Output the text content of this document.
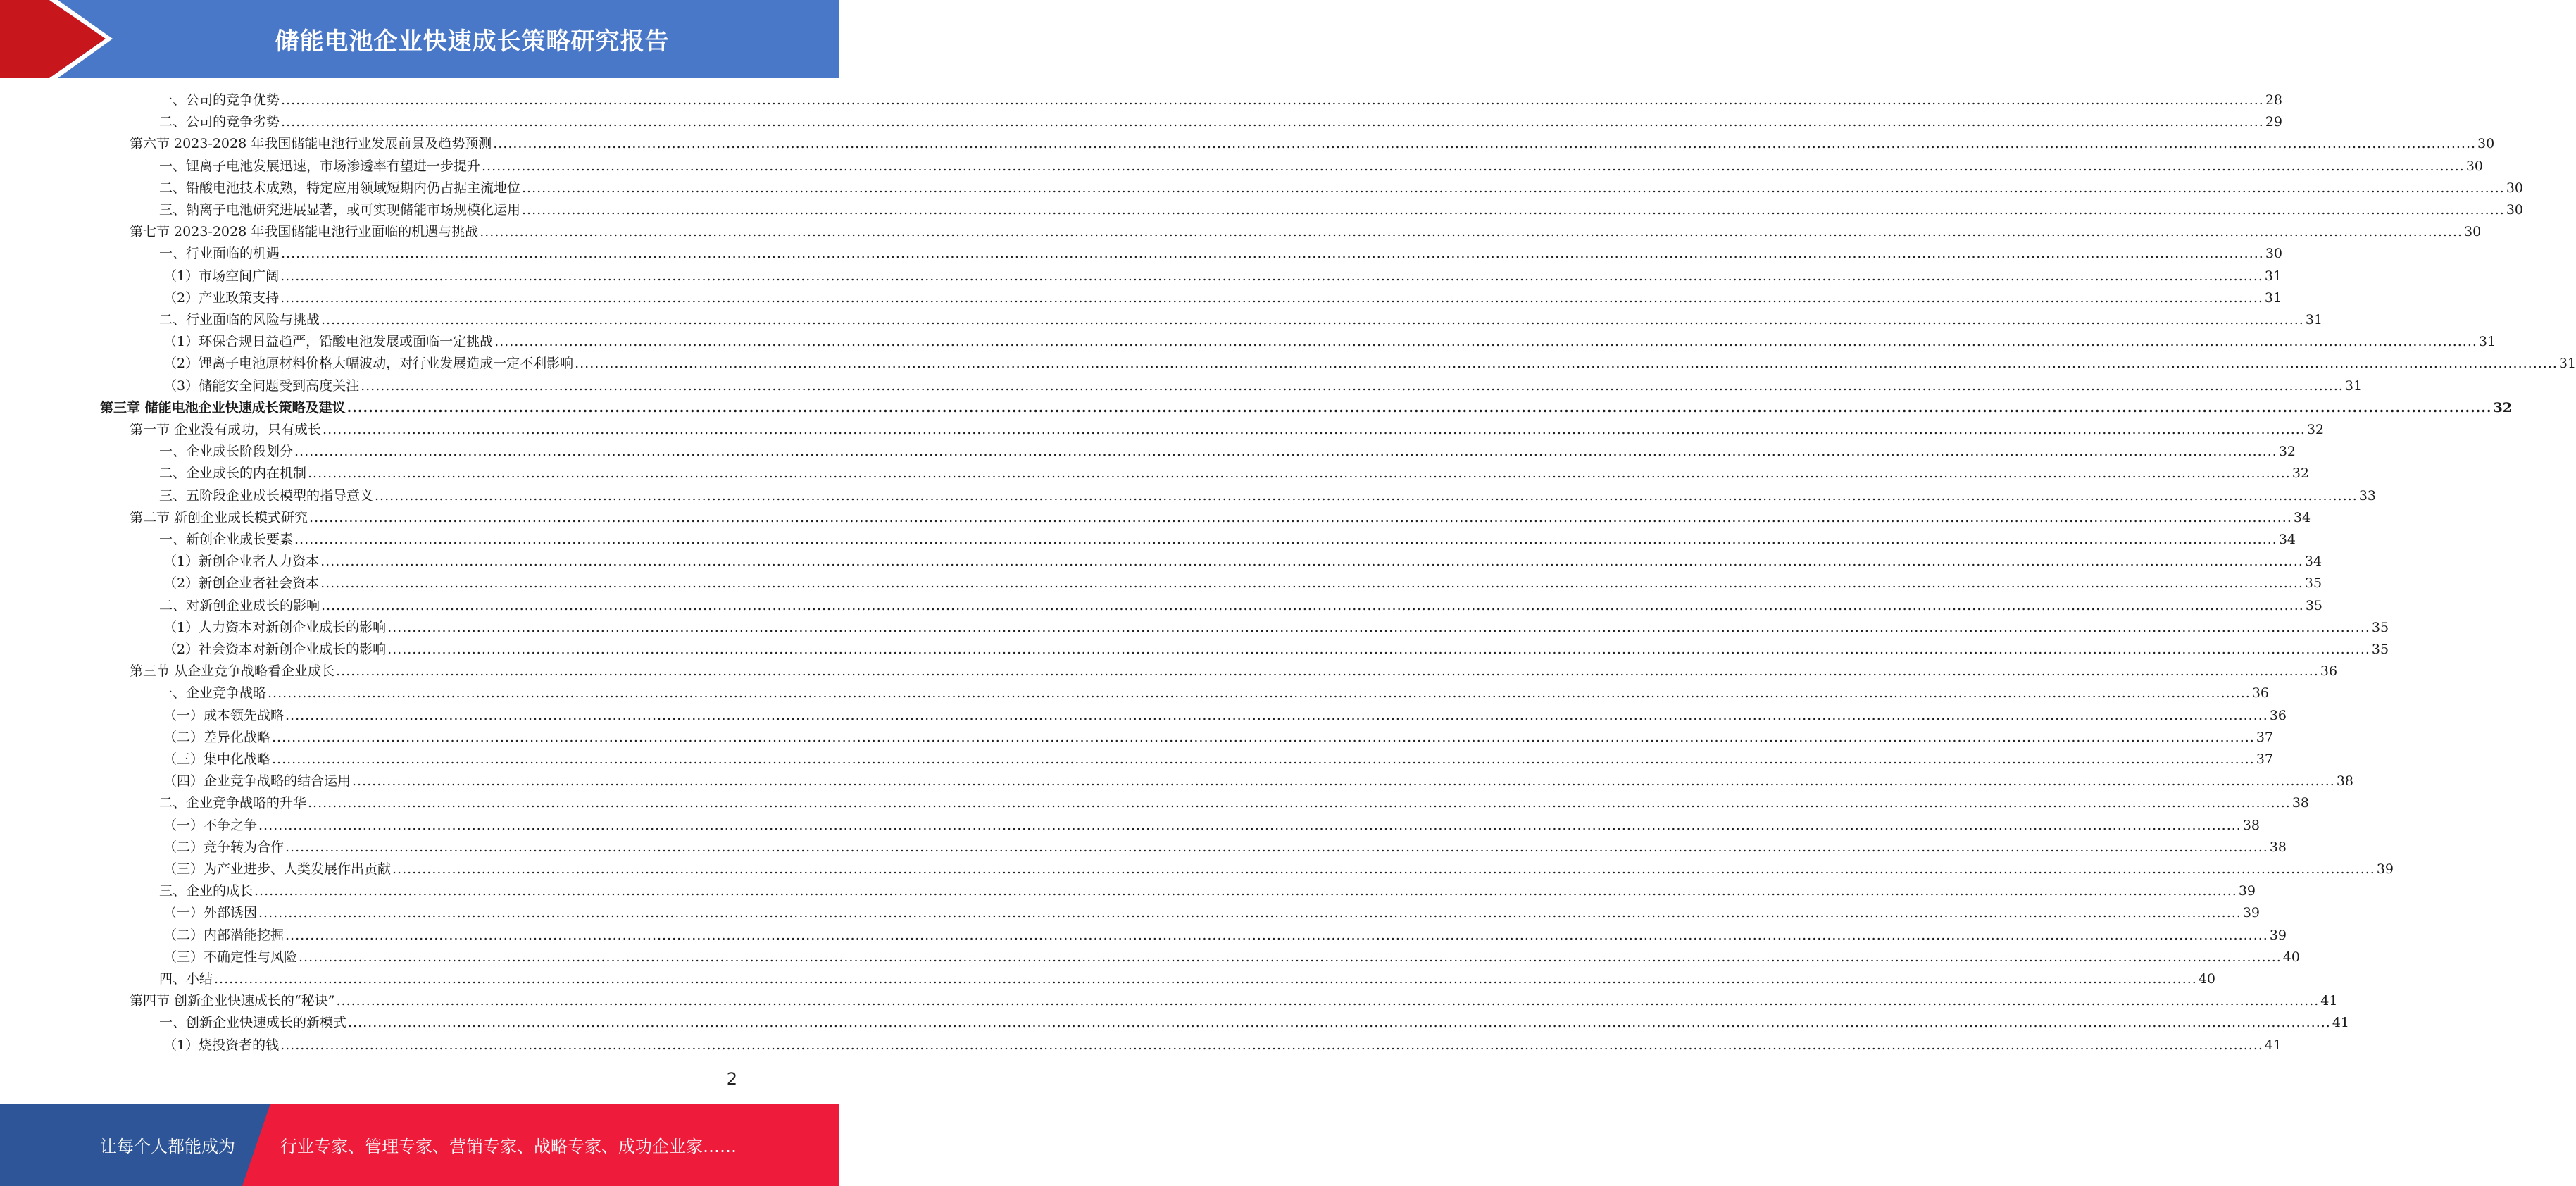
储能电池企业快速成长策略研究报告
一、公司的竞争优势 ................................................................................................................................................................................................................................................................................................................................................................................................................ 28
二、公司的竞争劣势 ................................................................................................................................................................................................................................................................................................................................................................................................................ 29
第六节 2023-2028 年我国储能电池行业发展前景及趋势预测 ................................................................................................................................................................................................................................................................................................................................................................................................................ 30
一、锂离子电池发展迅速，市场渗透率有望进一步提升 ................................................................................................................................................................................................................................................................................................................................................................................................................ 30
二、铅酸电池技术成熟，特定应用领域短期内仍占据主流地位 ................................................................................................................................................................................................................................................................................................................................................................................................................ 30
三、钠离子电池研究进展显著，或可实现储能市场规模化运用 ................................................................................................................................................................................................................................................................................................................................................................................................................ 30
第七节 2023-2028 年我国储能电池行业面临的机遇与挑战 ................................................................................................................................................................................................................................................................................................................................................................................................................ 30
一、行业面临的机遇 ................................................................................................................................................................................................................................................................................................................................................................................................................ 30
（1）市场空间广阔 ................................................................................................................................................................................................................................................................................................................................................................................................................ 31
（2）产业政策支持 ................................................................................................................................................................................................................................................................................................................................................................................................................ 31
二、行业面临的风险与挑战 ................................................................................................................................................................................................................................................................................................................................................................................................................ 31
（1）环保合规日益趋严，铅酸电池发展或面临一定挑战 ................................................................................................................................................................................................................................................................................................................................................................................................................ 31
（2）锂离子电池原材料价格大幅波动，对行业发展造成一定不利影响 ................................................................................................................................................................................................................................................................................................................................................................................................................ 31
（3）储能安全问题受到高度关注 ................................................................................................................................................................................................................................................................................................................................................................................................................ 31
第三章 储能电池企业快速成长策略及建议 ................................................................................................................................................................................................................................................................................................................................................................................................................ 32
第一节 企业没有成功，只有成长 ................................................................................................................................................................................................................................................................................................................................................................................................................ 32
一、企业成长阶段划分 ................................................................................................................................................................................................................................................................................................................................................................................................................ 32
二、企业成长的内在机制 ................................................................................................................................................................................................................................................................................................................................................................................................................ 32
三、五阶段企业成长模型的指导意义 ................................................................................................................................................................................................................................................................................................................................................................................................................ 33
第二节 新创企业成长模式研究 ................................................................................................................................................................................................................................................................................................................................................................................................................ 34
一、新创企业成长要素 ................................................................................................................................................................................................................................................................................................................................................................................................................ 34
（1）新创企业者人力资本 ................................................................................................................................................................................................................................................................................................................................................................................................................ 34
（2）新创企业者社会资本 ................................................................................................................................................................................................................................................................................................................................................................................................................ 35
二、对新创企业成长的影响 ................................................................................................................................................................................................................................................................................................................................................................................................................ 35
（1）人力资本对新创企业成长的影响 ................................................................................................................................................................................................................................................................................................................................................................................................................ 35
（2）社会资本对新创企业成长的影响 ................................................................................................................................................................................................................................................................................................................................................................................................................ 35
第三节 从企业竞争战略看企业成长 ................................................................................................................................................................................................................................................................................................................................................................................................................ 36
一、企业竞争战略 ................................................................................................................................................................................................................................................................................................................................................................................................................ 36
（一）成本领先战略 ................................................................................................................................................................................................................................................................................................................................................................................................................ 36
（二）差异化战略 ................................................................................................................................................................................................................................................................................................................................................................................................................ 37
（三）集中化战略 ................................................................................................................................................................................................................................................................................................................................................................................................................ 37
（四）企业竞争战略的结合运用 ................................................................................................................................................................................................................................................................................................................................................................................................................ 38
二、企业竞争战略的升华 ................................................................................................................................................................................................................................................................................................................................................................................................................ 38
（一）不争之争 ................................................................................................................................................................................................................................................................................................................................................................................................................ 38
（二）竞争转为合作 ................................................................................................................................................................................................................................................................................................................................................................................................................ 38
（三）为产业进步、人类发展作出贡献 ................................................................................................................................................................................................................................................................................................................................................................................................................ 39
三、企业的成长 ................................................................................................................................................................................................................................................................................................................................................................................................................ 39
（一）外部诱因 ................................................................................................................................................................................................................................................................................................................................................................................................................ 39
（二）内部潜能挖掘 ................................................................................................................................................................................................................................................................................................................................................................................................................ 39
（三）不确定性与风险 ................................................................................................................................................................................................................................................................................................................................................................................................................ 40
四、小结 ................................................................................................................................................................................................................................................................................................................................................................................................................ 40
第四节 创新企业快速成长的“秘诀” ................................................................................................................................................................................................................................................................................................................................................................................................................ 41
一、创新企业快速成长的新模式 ................................................................................................................................................................................................................................................................................................................................................................................................................ 41
（1）烧投资者的钱 ................................................................................................................................................................................................................................................................................................................................................................................................................ 41
2
让每个人都能成为	行业专家、管理专家、营销专家、战略专家、成功企业家……
